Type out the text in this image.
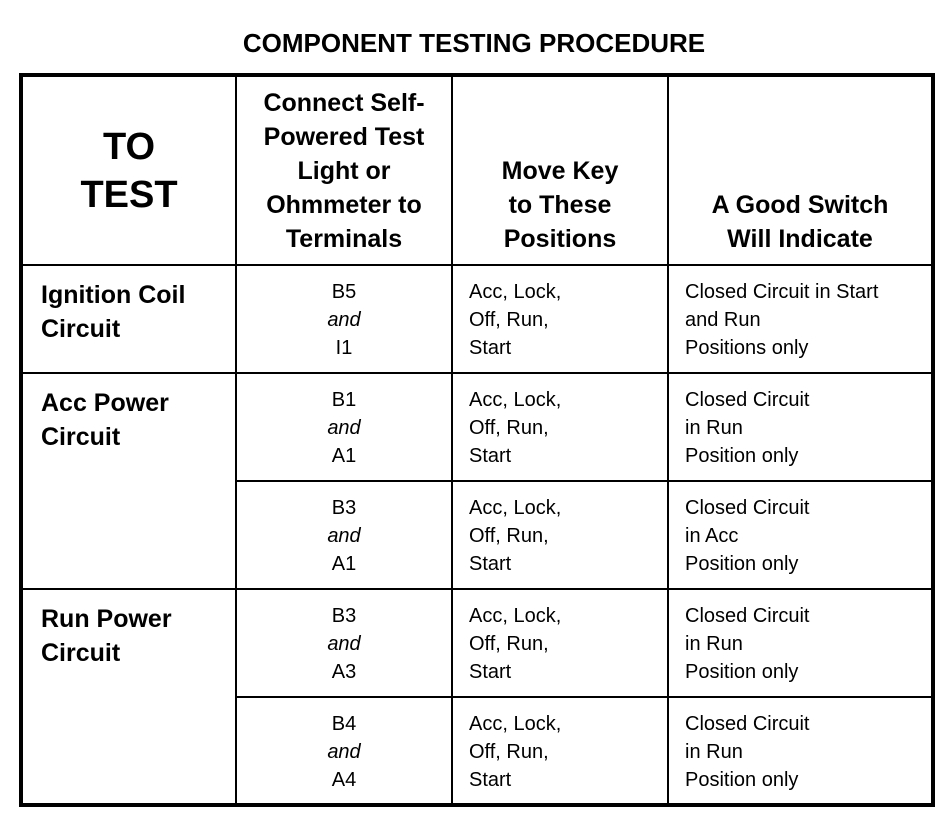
COMPONENT TESTING PROCEDURE
TO
TEST	Connect Self-
Powered Test
Light or
Ohmmeter to
Terminals	Move Key
to These
Positions	A Good Switch
Will Indicate

Ignition Coil
Circuit	B5
and
I1	Acc, Lock,
Off, Run,
Start	Closed Circuit in Start
and Run
Positions only

Acc Power
Circuit	B1
and
A1	Acc, Lock,
Off, Run,
Start	Closed Circuit
in Run
Position only

	B3
and
A1	Acc, Lock,
Off, Run,
Start	Closed Circuit
in Acc
Position only

Run Power
Circuit	B3
and
A3	Acc, Lock,
Off, Run,
Start	Closed Circuit
in Run
Position only

	B4
and
A4	Acc, Lock,
Off, Run,
Start	Closed Circuit
in Run
Position only
